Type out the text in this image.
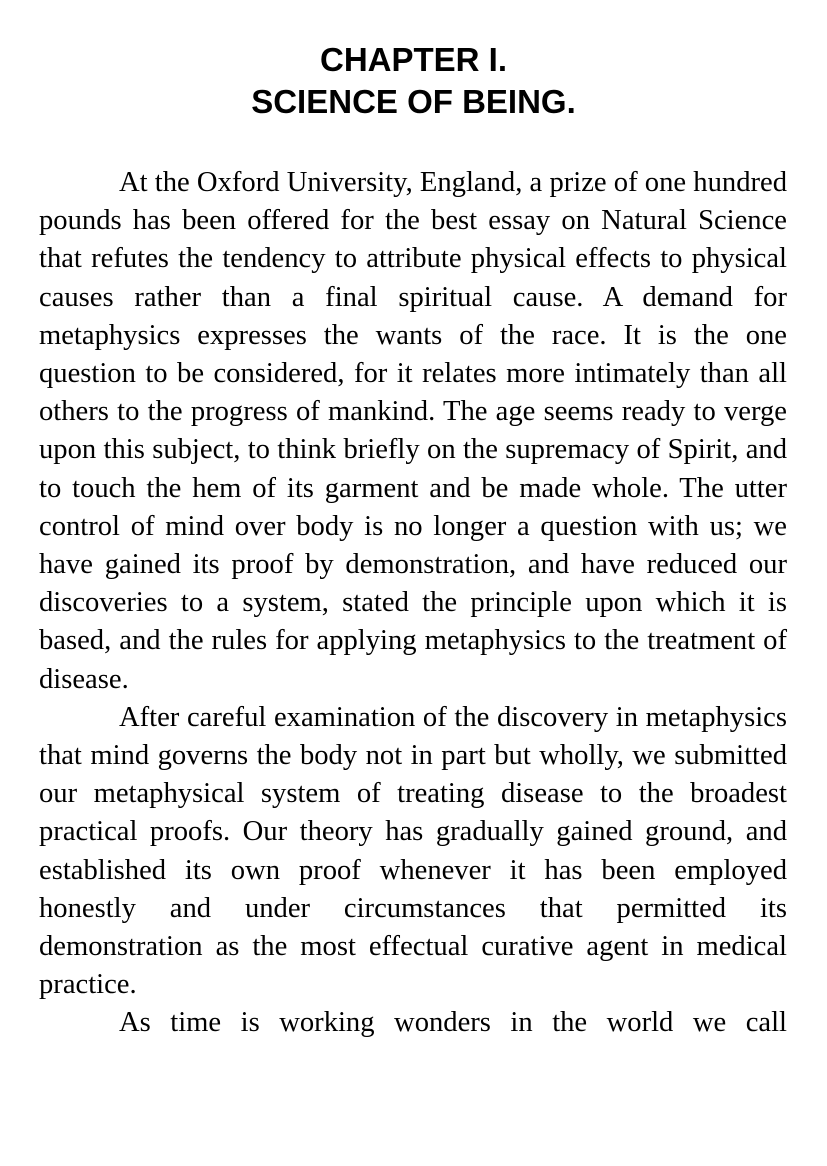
CHAPTER I.
SCIENCE OF BEING.

At the Oxford University, England, a prize of one hundred pounds has been offered for the best essay on Natural Science that refutes the tendency to attribute physical effects to physical causes rather than a final spiritual cause. A demand for metaphysics expresses the wants of the race. It is the one question to be considered, for it relates more intimately than all others to the progress of mankind. The age seems ready to verge upon this subject, to think briefly on the supremacy of Spirit, and to touch the hem of its garment and be made whole. The utter control of mind over body is no longer a question with us; we have gained its proof by demonstration, and have reduced our discoveries to a system, stated the principle upon which it is based, and the rules for applying metaphysics to the treatment of disease.

After careful examination of the discovery in metaphysics that mind governs the body not in part but wholly, we submitted our metaphysical system of treating disease to the broadest practical proofs. Our theory has gradually gained ground, and established its own proof whenever it has been employed honestly and under circumstances that permitted its demonstration as the most effectual curative agent in medical practice.

As time is working wonders in the world we call
